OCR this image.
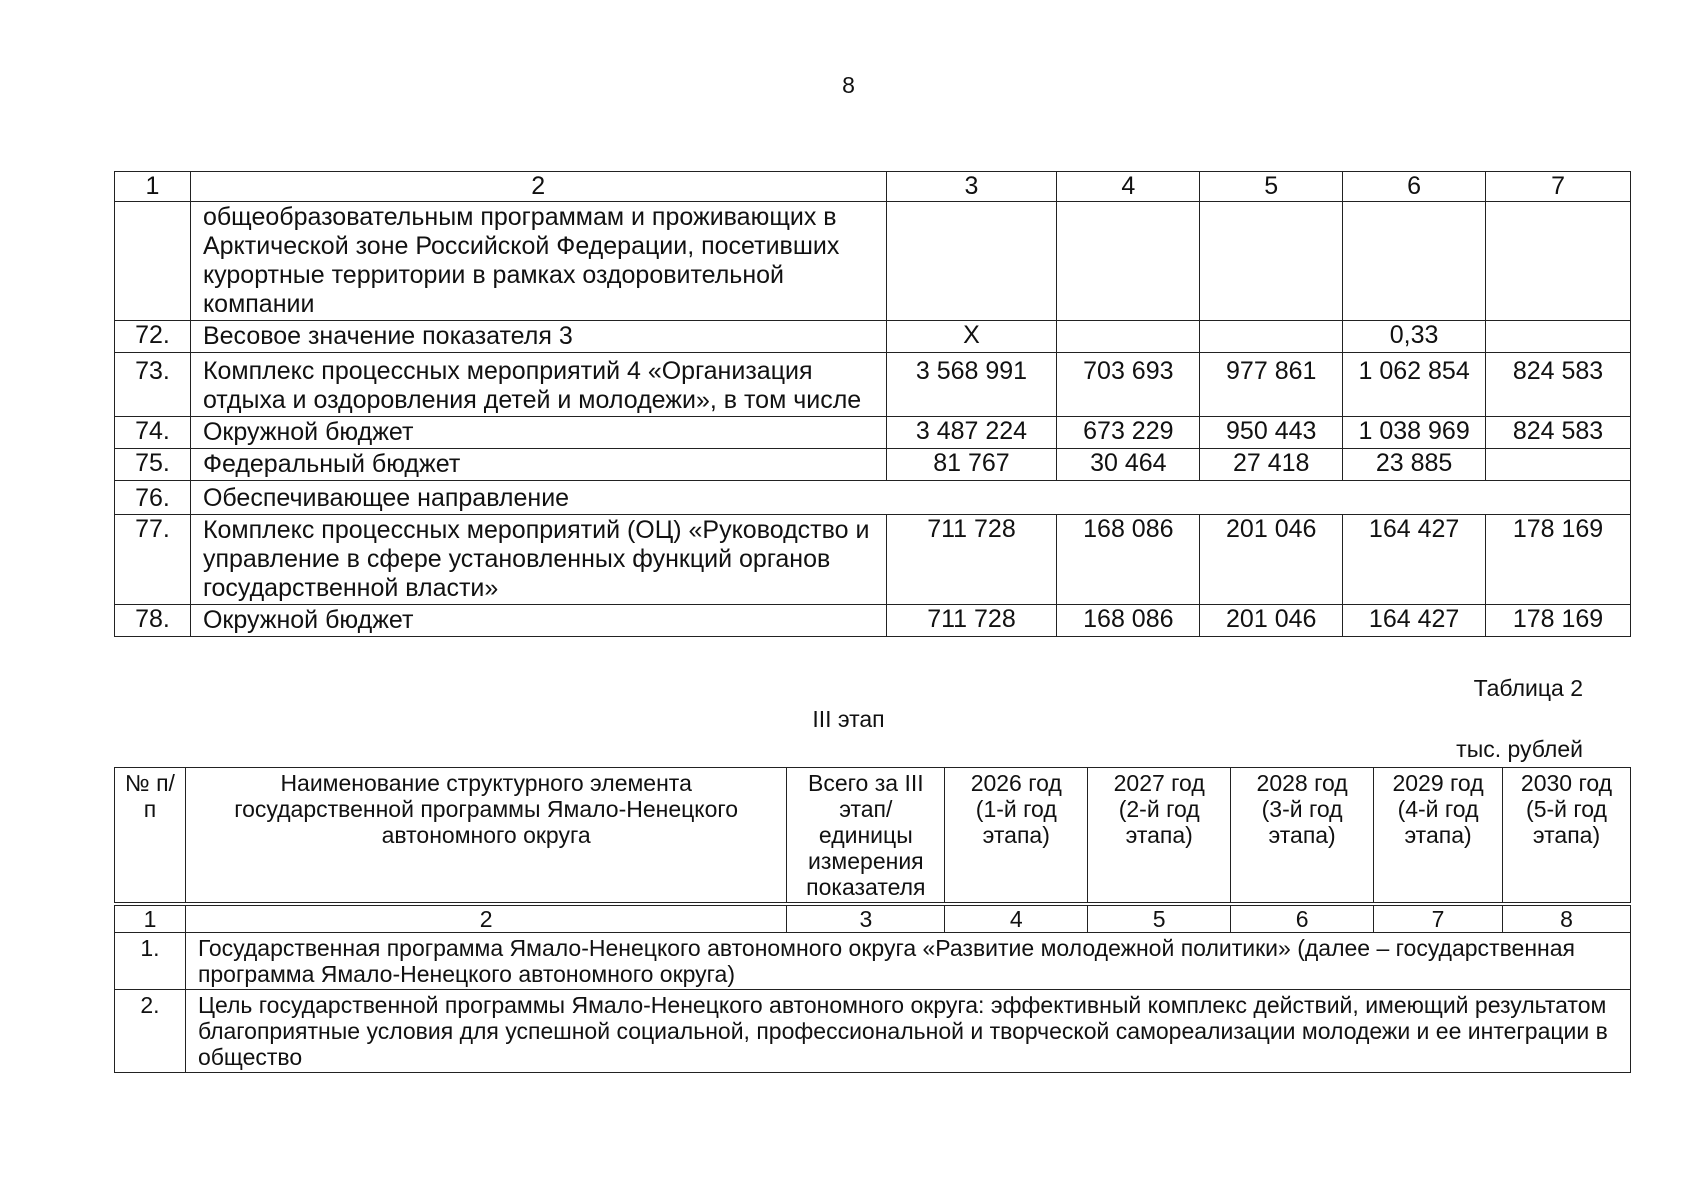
8
1	2	3	4	5	6	7
	общеобразовательным программам и проживающих в Арктической зоне Российской Федерации, посетивших курортные территории в рамках оздоровительной компании					
72.	Весовое значение показателя 3	Х			0,33	
73.	Комплекс процессных мероприятий 4 «Организация отдыха и оздоровления детей и молодежи», в том числе	3 568 991	703 693	977 861	1 062 854	824 583
74.	Окружной бюджет	3 487 224	673 229	950 443	1 038 969	824 583
75.	Федеральный бюджет	81 767	30 464	27 418	23 885	
76.	Обеспечивающее направление					
77.	Комплекс процессных мероприятий (ОЦ) «Руководство и управление в сфере установленных функций органов государственной власти»	711 728	168 086	201 046	164 427	178 169
78.	Окружной бюджет	711 728	168 086	201 046	164 427	178 169
Таблица 2
III этап
тыс. рублей
№ п/п	Наименование структурного элемента государственной программы Ямало-Ненецкого автономного округа	Всего за III этап/ единицы измерения показателя	2026 год (1-й год этапа)	2027 год (2-й год этапа)	2028 год (3-й год этапа)	2029 год (4-й год этапа)	2030 год (5-й год этапа)
1	2	3	4	5	6	7	8
1.	Государственная программа Ямало-Ненецкого автономного округа «Развитие молодежной политики» (далее – государственная программа Ямало-Ненецкого автономного округа)						
2.	Цель государственной программы Ямало-Ненецкого автономного округа: эффективный комплекс действий, имеющий результатом благоприятные условия для успешной социальной, профессиональной и творческой самореализации молодежи и ее интеграции в общество						
